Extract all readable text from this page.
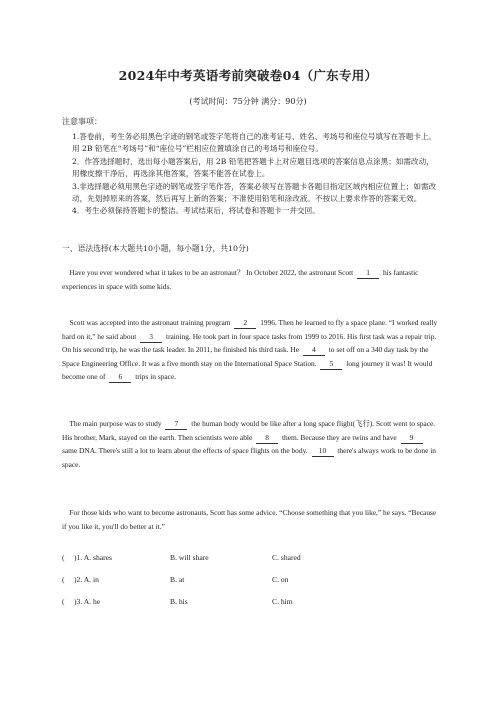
2024年中考英语考前突破卷04（广东专用）
(考试时间：75分钟 满分：90分)
注意事项：
1.答卷前，考生务必用黑色字迹的钢笔或签字笔将自己的准考证号、姓名、考场号和座位号填写在答题卡上。用 2B 铅笔在“考场号”和“座位号”栏相应位置填涂自己的考场号和座位号。
2．作答选择题时，选出每小题答案后，用 2B 铅笔把答题卡上对应题目选项的答案信息点涂黑；如需改动，用橡皮擦干净后，再选涂其他答案，答案不能答在试卷上。
3.非选择题必须用黑色字迹的钢笔或签字笔作答，答案必须写在答题卡各题目指定区域内相应位置上；如需改动，先划掉原来的答案，然后再写上新的答案；不准使用铅笔和涂改液。不按以上要求作答的答案无效。
4．考生必须保持答题卡的整洁。考试结束后，将试卷和答题卡一并交回。
一、语法选择(本大题共10小题，每小题1分，共10分)
 Have you ever wondered what it takes to be an astronaut？ In October 2022, the astronaut Scott 1 his fantastic experiences in space with some kids.
 Scott was accepted into the astronaut training program 2 1996. Then he learned to fly a space plane. “I worked really hard on it,” he said about 3 training. He took part in four space tasks from 1999 to 2016. His first task was a repair trip. On his second trip, he was the task leader. In 2011, he finished his third task. He 4 to set off on a 340 day task by the Space Engineering Office. It was a five month stay on the International Space Station. 5 long journey it was! It would become one of 6 trips in space.
 The main purpose was to study 7 the human body would be like after a long space flight(飞行). Scott went to space. His brother, Mark, stayed on the earth. Then scientists were able 8 them. Because they are twins and have 9 same DNA. There's still a lot to learn about the effects of space flights on the body. 10 there's always work to be done in space.
 For those kids who want to become astronauts, Scott has some advice. “Choose something that you like,” he says. “Because if you like it, you'll do better at it.”
( )1. A. shares	B. will share	C. shared
( )2. A. in	B. at	C. on
( )3. A. he	B. his	C. him
